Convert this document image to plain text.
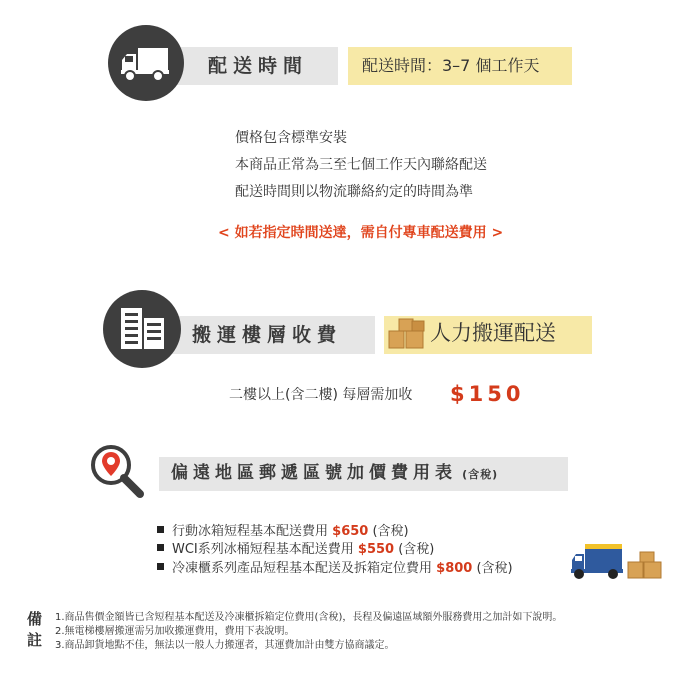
配送時間	配送時間：3–7 個工作天
價格包含標準安裝
本商品正常為三至七個工作天內聯絡配送
配送時間則以物流聯絡約定的時間為準
< 如若指定時間送達，需自付專車配送費用 >
搬運樓層收費	人力搬運配送
二樓以上(含二樓) 每層需加收 $150
偏遠地區郵遞區號加價費用表 (含稅)
行動冰箱短程基本配送費用 $650 (含稅)
WCI系列冰桶短程基本配送費用 $550 (含稅)
冷凍櫃系列產品短程基本配送及拆箱定位費用 $800 (含稅)
備
註
1.商品售價金額皆已含短程基本配送及冷凍櫃拆箱定位費用(含稅)，長程及偏遠區域額外服務費用之加計如下說明。
2.無電梯樓層搬運需另加收搬運費用，費用下表說明。
3.商品卸貨地點不佳，無法以一般人力搬運者，其運費加計由雙方協商議定。
